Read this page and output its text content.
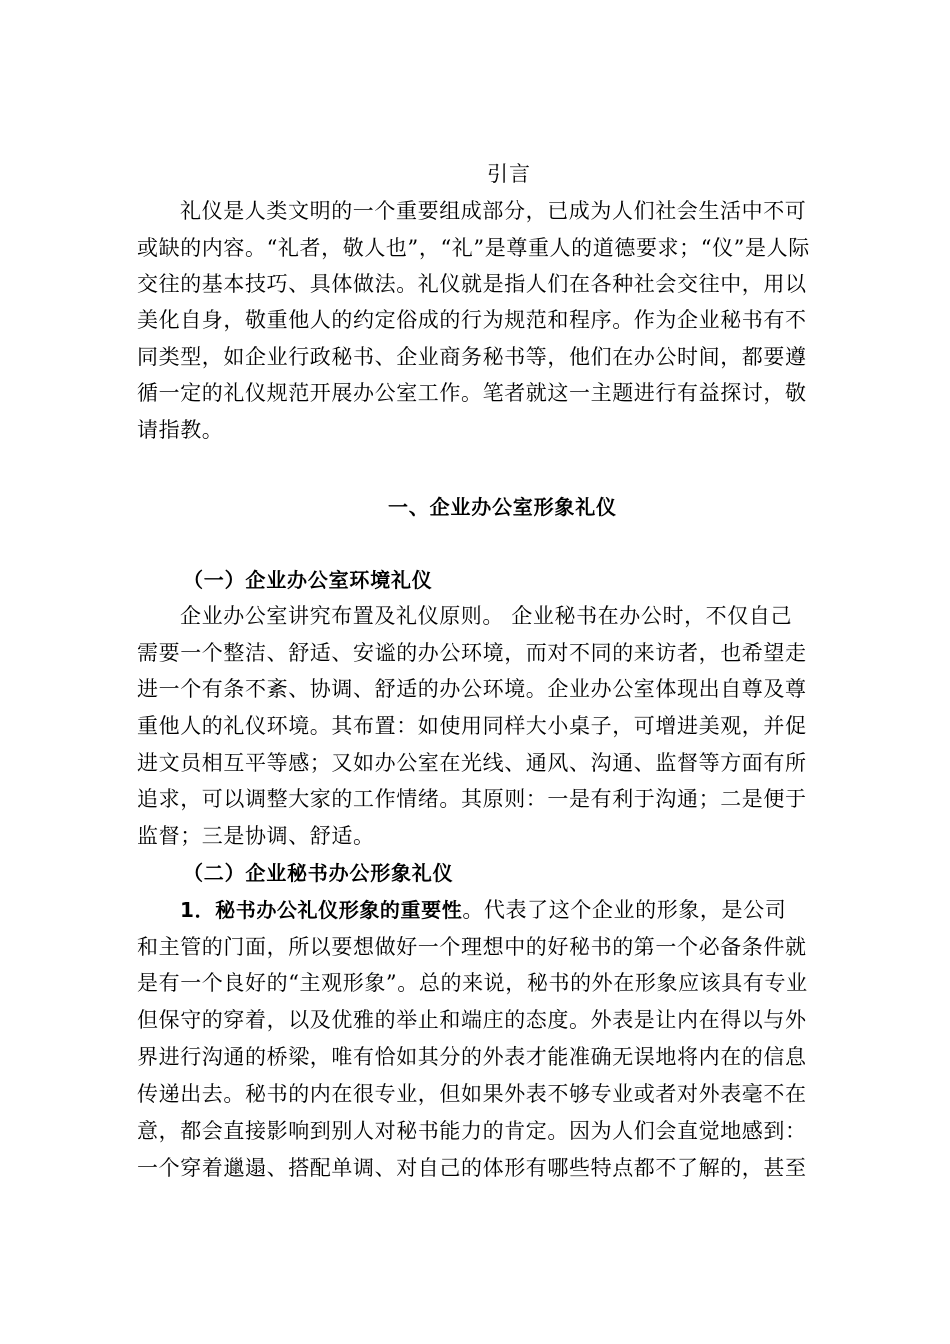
引言
礼仪是人类文明的一个重要组成部分，已成为人们社会生活中不可
或缺的内容。“礼者，敬人也”，“礼”是尊重人的道德要求；“仪”是人际
交往的基本技巧、具体做法。礼仪就是指人们在各种社会交往中，用以
美化自身，敬重他人的约定俗成的行为规范和程序。作为企业秘书有不
同类型，如企业行政秘书、企业商务秘书等，他们在办公时间，都要遵
循一定的礼仪规范开展办公室工作。笔者就这一主题进行有益探讨，敬
请指教。
一、企业办公室形象礼仪
（一）企业办公室环境礼仪
企业办公室讲究布置及礼仪原则。 企业秘书在办公时，不仅自己
需要一个整洁、舒适、安谧的办公环境，而对不同的来访者，也希望走
进一个有条不紊、协调、舒适的办公环境。企业办公室体现出自尊及尊
重他人的礼仪环境。其布置：如使用同样大小桌子，可增进美观，并促
进文员相互平等感；又如办公室在光线、通风、沟通、监督等方面有所
追求，可以调整大家的工作情绪。其原则：一是有利于沟通；二是便于
监督；三是协调、舒适。
（二）企业秘书办公形象礼仪
1．秘书办公礼仪形象的重要性。代表了这个企业的形象，是公司
和主管的门面，所以要想做好一个理想中的好秘书的第一个必备条件就
是有一个良好的“主观形象”。总的来说，秘书的外在形象应该具有专业
但保守的穿着，以及优雅的举止和端庄的态度。外表是让内在得以与外
界进行沟通的桥梁，唯有恰如其分的外表才能准确无误地将内在的信息
传递出去。秘书的内在很专业，但如果外表不够专业或者对外表毫不在
意，都会直接影响到别人对秘书能力的肯定。因为人们会直觉地感到：
一个穿着邋遢、搭配单调、对自己的体形有哪些特点都不了解的，甚至
